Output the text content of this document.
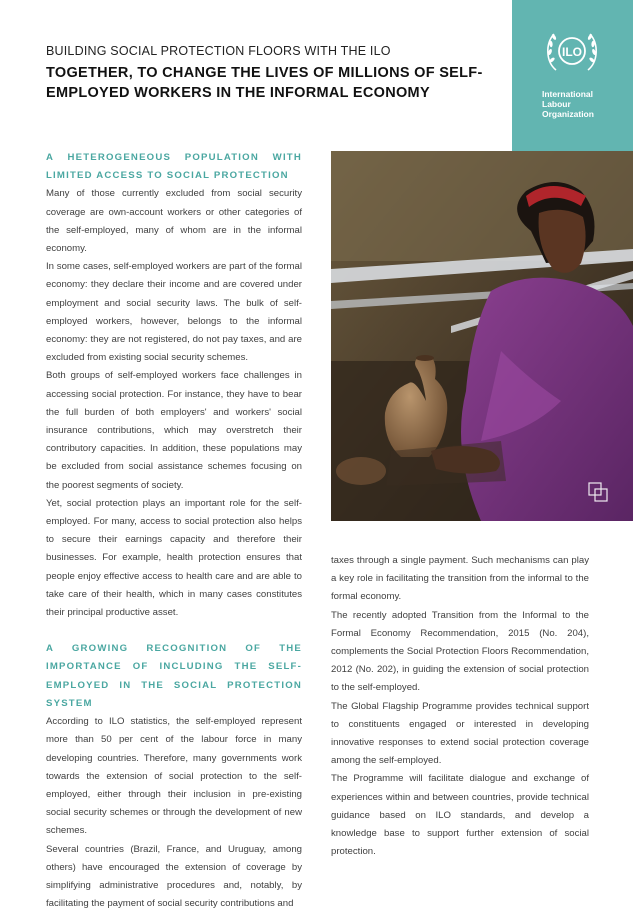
BUILDING SOCIAL PROTECTION FLOORS WITH THE ILO
TOGETHER, TO CHANGE THE LIVES OF MILLIONS OF SELF-EMPLOYED WORKERS IN THE INFORMAL ECONOMY
ILO
International
Labour
Organization

A HETEROGENEOUS POPULATION WITH LIMITED ACCESS TO SOCIAL PROTECTION

Many of those currently excluded from social security coverage are own-account workers or other categories of the self-employed, many of whom are in the informal economy.

In some cases, self-employed workers are part of the formal economy: they declare their income and are covered under employment and social security laws. The bulk of self-employed workers, however, belongs to the informal economy: they are not registered, do not pay taxes, and are excluded from existing social security schemes.

Both groups of self-employed workers face challenges in accessing social protection. For instance, they have to bear the full burden of both employers' and workers' social insurance contributions, which may overstretch their contributory capacities. In addition, these populations may be excluded from social assistance schemes focusing on the poorest segments of society.

Yet, social protection plays an important role for the self-employed. For many, access to social protection also helps to secure their earnings capacity and therefore their businesses. For example, health protection ensures that people enjoy effective access to health care and are able to take care of their health, which in many cases constitutes their principal productive asset.

A GROWING RECOGNITION OF THE IMPORTANCE OF INCLUDING THE SELF-EMPLOYED IN THE SOCIAL PROTECTION SYSTEM

According to ILO statistics, the self-employed represent more than 50 per cent of the labour force in many developing countries. Therefore, many governments work towards the extension of social protection to the self-employed, either through their inclusion in pre-existing social security schemes or through the development of new schemes.

Several countries (Brazil, France, and Uruguay, among others) have encouraged the extension of coverage by simplifying administrative procedures and, notably, by facilitating the payment of social security contributions and

taxes through a single payment. Such mechanisms can play a key role in facilitating the transition from the informal to the formal economy.

The recently adopted Transition from the Informal to the Formal Economy Recommendation, 2015 (No. 204), complements the Social Protection Floors Recommendation, 2012 (No. 202), in guiding the extension of social protection to the self-employed.

The Global Flagship Programme provides technical support to constituents engaged or interested in developing innovative responses to extend social protection coverage among the self-employed.

The Programme will facilitate dialogue and exchange of experiences within and between countries, provide technical guidance based on ILO standards, and develop a knowledge base to support further extension of social protection.
